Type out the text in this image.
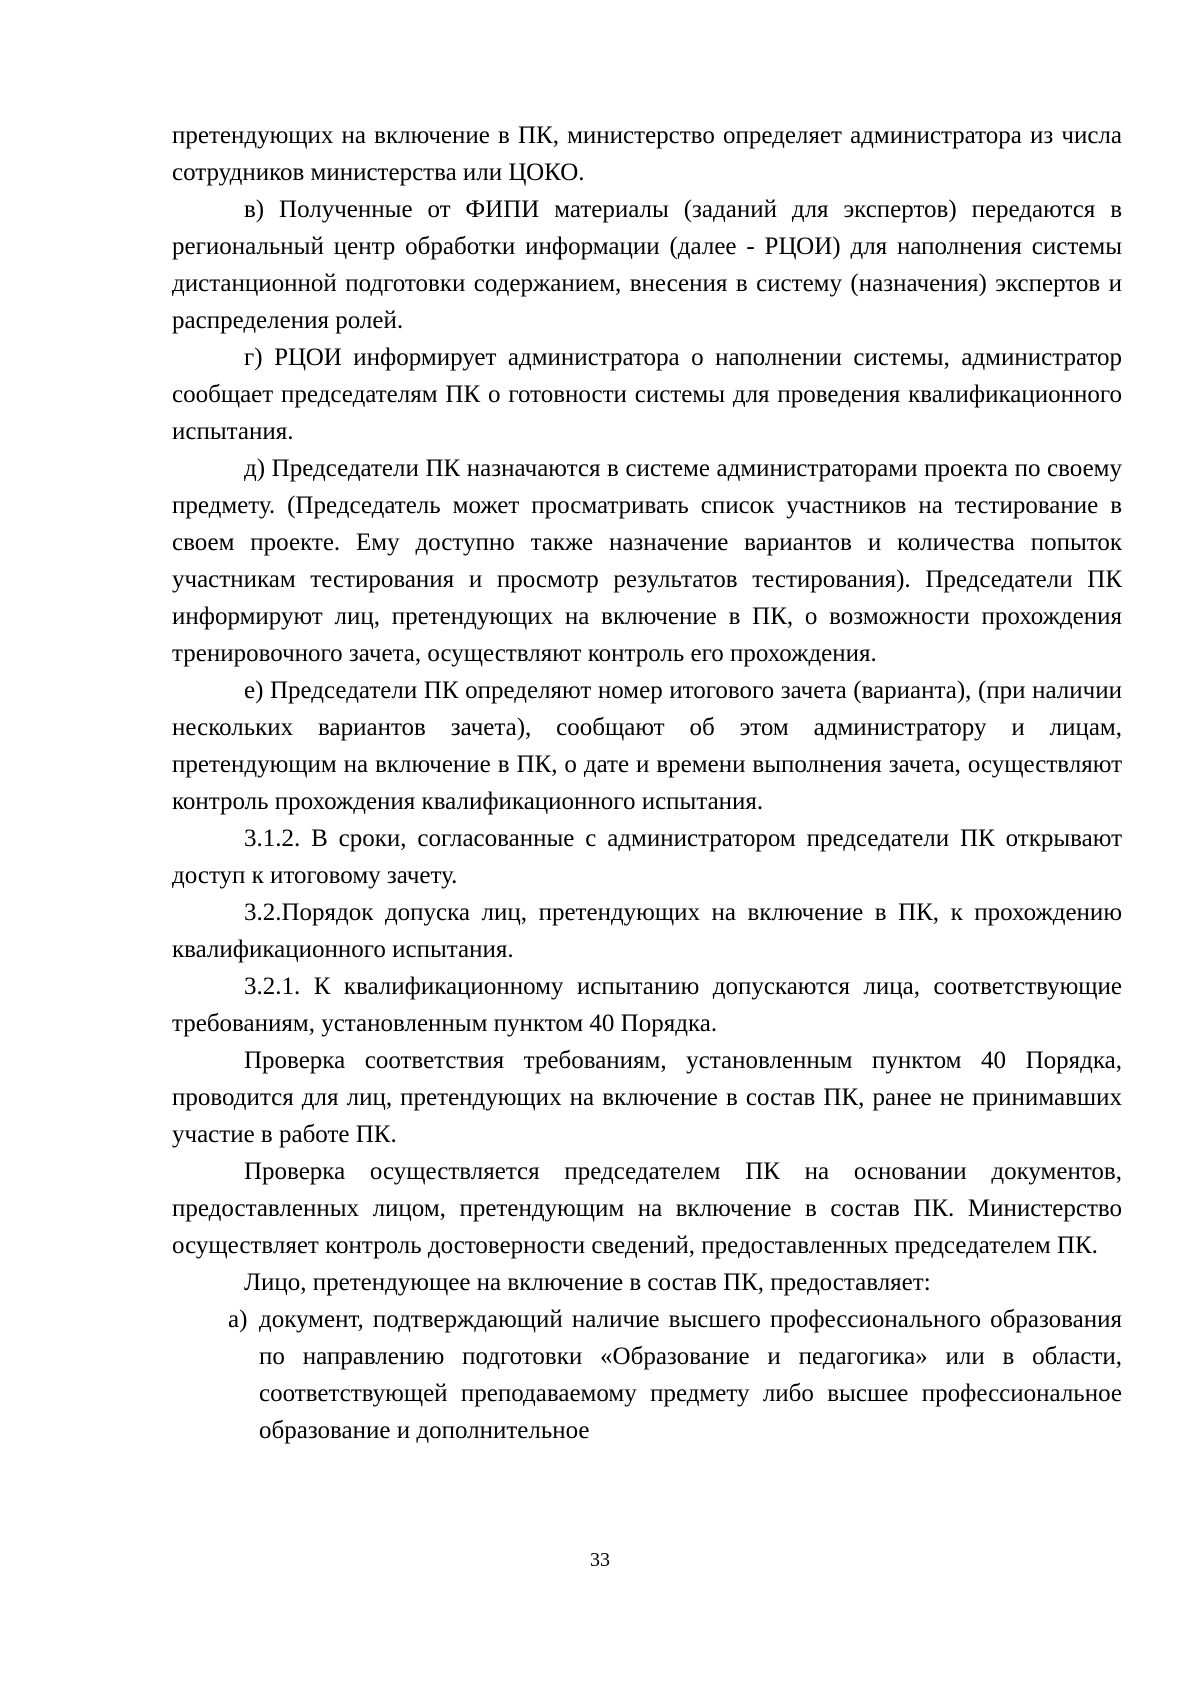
претендующих на включение в ПК, министерство определяет администратора из числа сотрудников министерства или ЦОКО.

в) Полученные от ФИПИ материалы (заданий для экспертов) передаются в региональный центр обработки информации (далее - РЦОИ) для наполнения системы дистанционной подготовки содержанием, внесения в систему (назначения) экспертов и распределения ролей.

г) РЦОИ информирует администратора о наполнении системы, администратор сообщает председателям ПК о готовности системы для проведения квалификационного испытания.

д) Председатели ПК назначаются в системе администраторами проекта по своему предмету. (Председатель может просматривать список участников на тестирование в своем проекте. Ему доступно также назначение вариантов и количества попыток участникам тестирования и просмотр результатов тестирования). Председатели ПК информируют лиц, претендующих на включение в ПК, о возможности прохождения тренировочного зачета, осуществляют контроль его прохождения.

е) Председатели ПК определяют номер итогового зачета (варианта), (при наличии нескольких вариантов зачета), сообщают об этом администратору и лицам, претендующим на включение в ПК, о дате и времени выполнения зачета, осуществляют контроль прохождения квалификационного испытания.

3.1.2. В сроки, согласованные с администратором председатели ПК открывают доступ к итоговому зачету.

3.2.Порядок допуска лиц, претендующих на включение в ПК, к прохождению квалификационного испытания.

3.2.1. К квалификационному испытанию допускаются лица, соответствующие требованиям, установленным пунктом 40 Порядка.

Проверка соответствия требованиям, установленным пунктом 40 Порядка, проводится для лиц, претендующих на включение в состав ПК, ранее не принимавших участие в работе ПК.

Проверка осуществляется председателем ПК на основании документов, предоставленных лицом, претендующим на включение в состав ПК. Министерство осуществляет контроль достоверности сведений, предоставленных председателем ПК.

Лицо, претендующее на включение в состав ПК, предоставляет:

а) документ, подтверждающий наличие высшего профессионального образования по направлению подготовки «Образование и педагогика» или в области, соответствующей преподаваемому предмету либо высшее профессиональное образование и дополнительное
33
